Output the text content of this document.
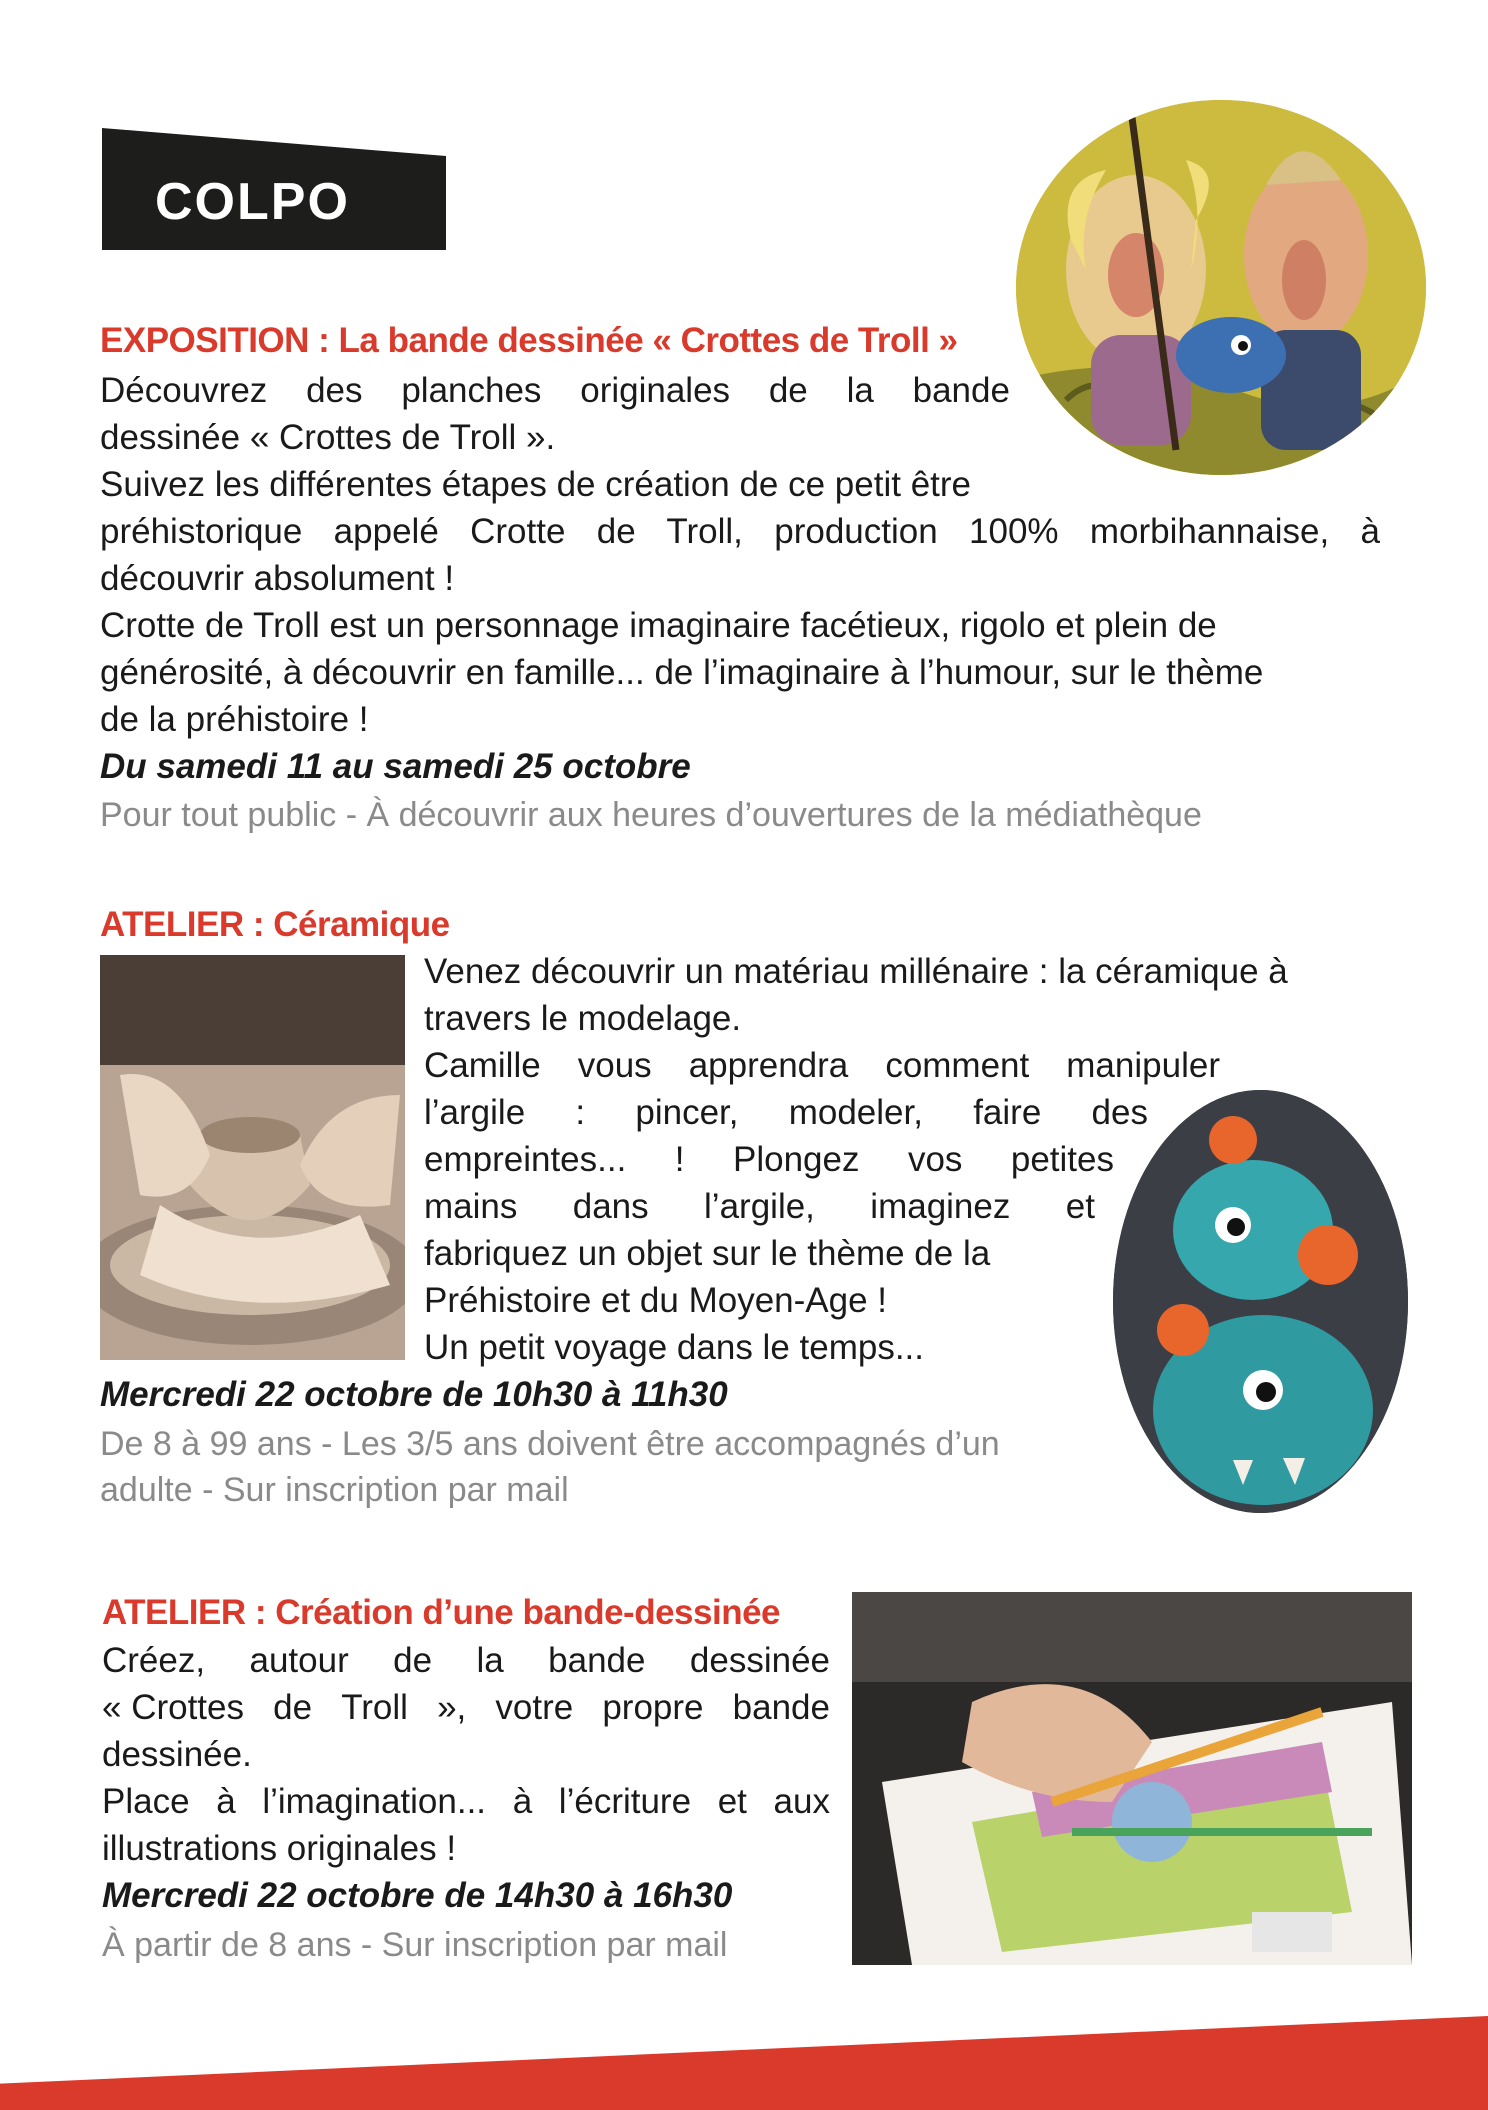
COLPO
EXPOSITION : La bande dessinée « Crottes de Troll »
Découvrez des planches originales de la bande
dessinée « Crottes de Troll ».
Suivez les différentes étapes de création de ce petit être
préhistorique appelé Crotte de Troll, production 100% morbihannaise, à
découvrir absolument !
Crotte de Troll est un personnage imaginaire facétieux, rigolo et plein de
générosité, à découvrir en famille... de l’imaginaire à l’humour, sur le thème
de la préhistoire !
Du samedi 11 au samedi 25 octobre
Pour tout public - À découvrir aux heures d’ouvertures de la médiathèque
ATELIER : Céramique
Venez découvrir un matériau millénaire : la céramique à
travers le modelage.
Camille vous apprendra comment manipuler
l’argile : pincer, modeler, faire des
empreintes... ! Plongez vos petites
mains dans l’argile, imaginez et
fabriquez un objet sur le thème de la
Préhistoire et du Moyen-Age !
Un petit voyage dans le temps...
Mercredi 22 octobre de 10h30 à 11h30
De 8 à 99 ans - Les 3/5 ans doivent être accompagnés d’un
adulte - Sur inscription par mail
ATELIER : Création d’une bande-dessinée
Créez, autour de la bande dessinée
« Crottes de Troll », votre propre bande
dessinée.
Place à l’imagination... à l’écriture et aux
illustrations originales !
Mercredi 22 octobre de 14h30 à 16h30
À partir de 8 ans - Sur inscription par mail
